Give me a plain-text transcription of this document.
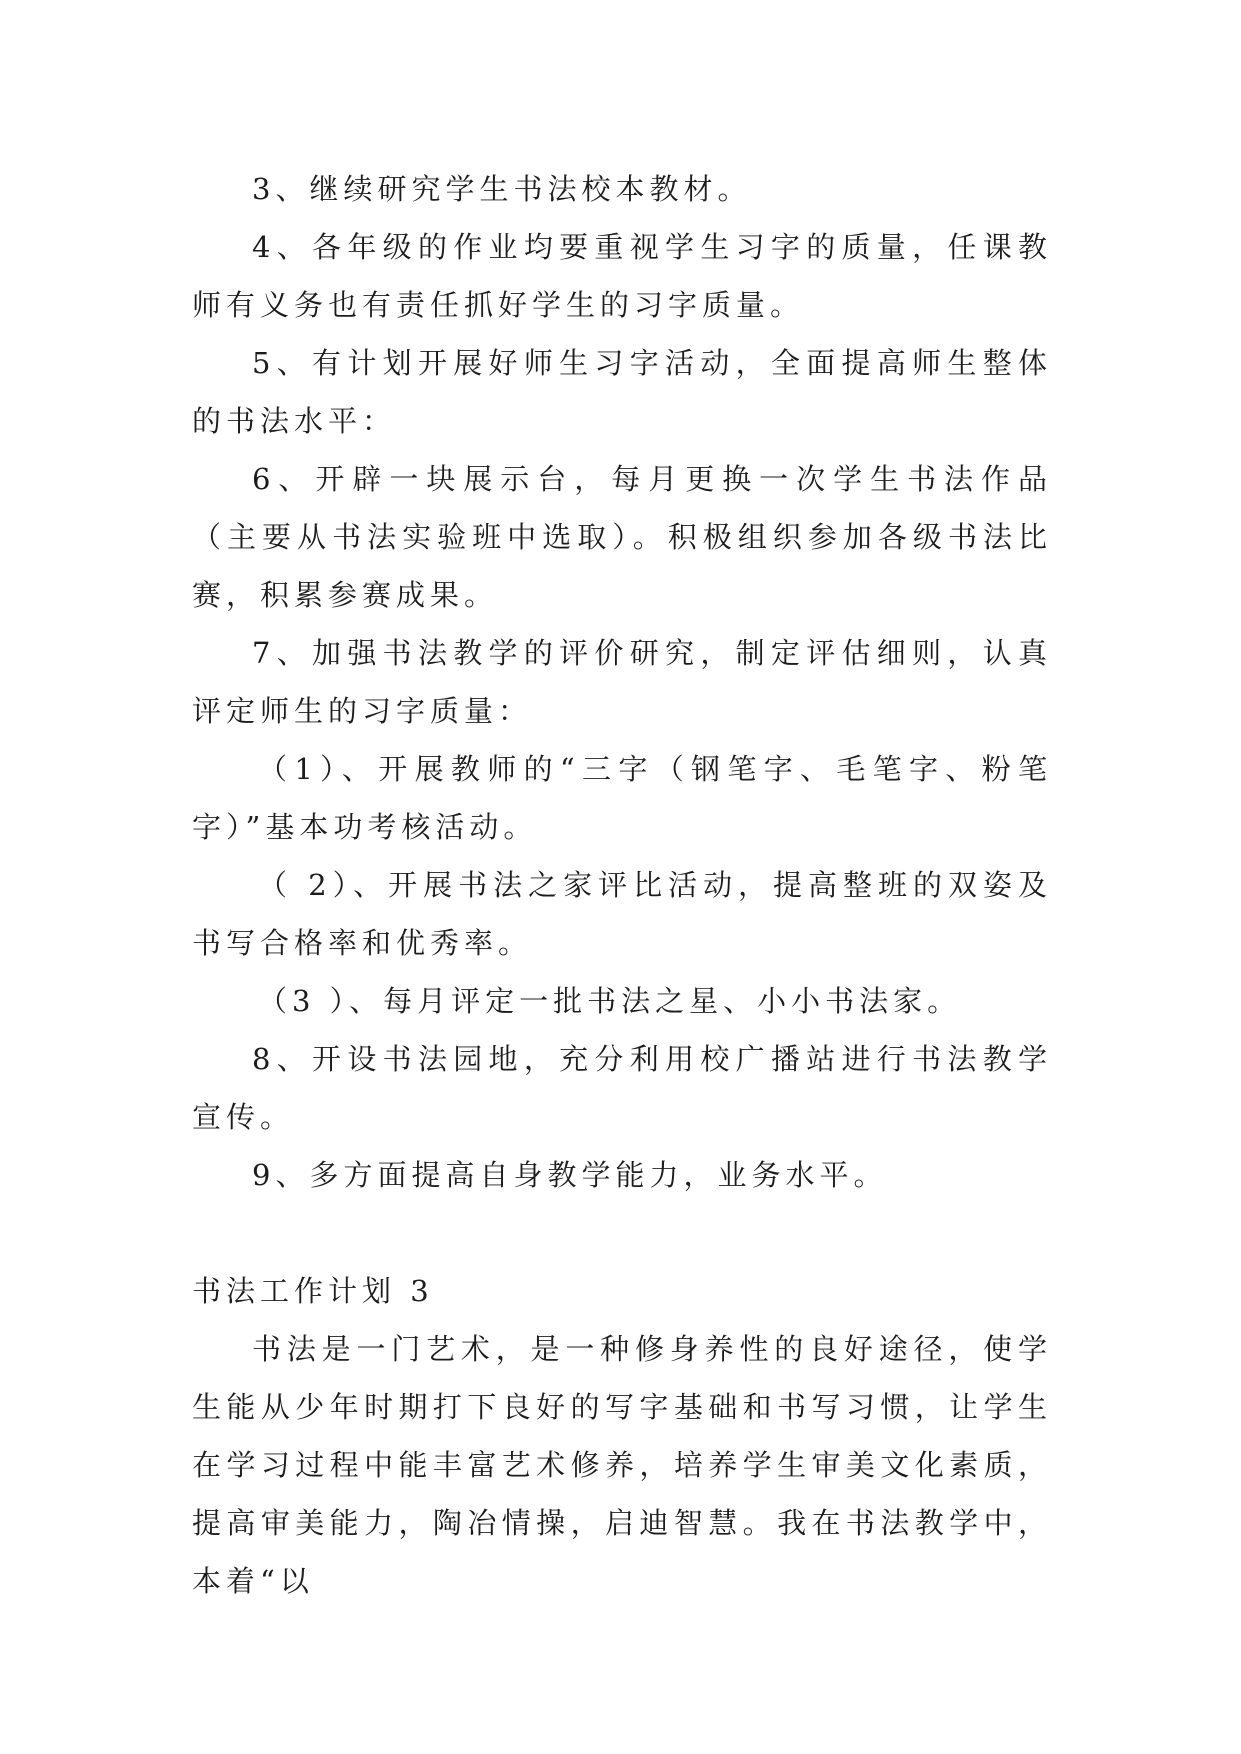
3、继续研究学生书法校本教材。

4、各年级的作业均要重视学生习字的质量，任课教师有义务也有责任抓好学生的习字质量。

5、有计划开展好师生习字活动，全面提高师生整体的书法水平：

6、开辟一块展示台，每月更换一次学生书法作品（主要从书法实验班中选取）。积极组织参加各级书法比赛，积累参赛成果。

7、加强书法教学的评价研究，制定评估细则，认真评定师生的习字质量：

（1）、开展教师的“三字（钢笔字、毛笔字、粉笔字）”基本功考核活动。

（ 2）、开展书法之家评比活动，提高整班的双姿及书写合格率和优秀率。

（3 ）、每月评定一批书法之星、小小书法家。

8、开设书法园地，充分利用校广播站进行书法教学宣传。

9、多方面提高自身教学能力，业务水平。

书法工作计划 3

书法是一门艺术，是一种修身养性的良好途径，使学生能从少年时期打下良好的写字基础和书写习惯，让学生在学习过程中能丰富艺术修养，培养学生审美文化素质，提高审美能力，陶冶情操，启迪智慧。我在书法教学中，本着“以
